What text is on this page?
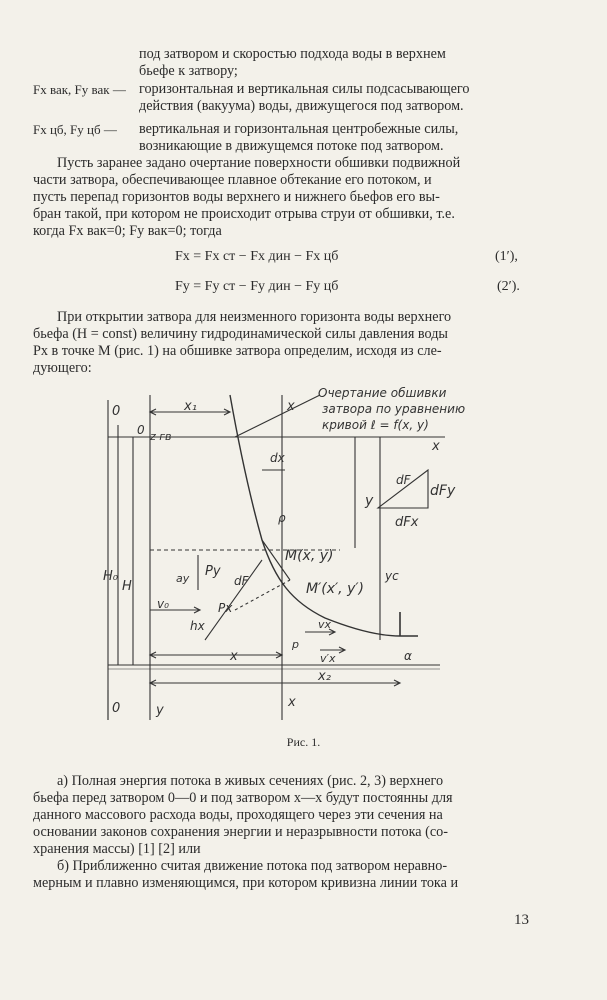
под затвором и скоростью подхода воды в верхнем
бьефе к затвору;
Fx вак, Fy вак — горизонтальная и вертикальная силы подсасывающего
действия (вакуума) воды, движущегося под затвором.
Fx цб, Fy цб — вертикальная и горизонтальная центробежные силы,
возникающие в движущемся потоке под затвором.
Пусть заранее задано очертание поверхности обшивки подвижной
части затвора, обеспечивающее плавное обтекание его потоком, и
пусть перепад горизонтов воды верхнего и нижнего бьефов его вы-
бран такой, при котором не происходит отрыва струи от обшивки, т.е.
когда Fx вак=0; Fy вак=0; тогда
Fx = Fx ст − Fx дин − Fx цб	(1′),
Fy = Fy ст − Fy дин − Fy цб	(2′).
При открытии затвора для неизменного горизонта воды верхнего
бьефа (H = const) величину гидродинамической силы давления воды
Px в точке M (рис. 1) на обшивке затвора определим, исходя из сле-
дующего:
Очертание обшивки
затвора по уравнению
кривой ℓ = f(x, y)
0
0 z гв
x₁	x
x
dx
y
ρ
H₀
H
ay Py
dF
dF
dFy
dFx
M(x, y)
M′(x′, y′)
v₀
hx
Pх
yc
vx
v′x
p
α
x
x₂
0	y
x
Рис. 1.
а) Полная энергия потока в живых сечениях (рис. 2, 3) верхнего
бьефа перед затвором 0—0 и под затвором x—x будут постоянны для
данного массового расхода воды, проходящего через эти сечения на
основании законов сохранения энергии и неразрывности потока (со-
хранения массы) [1] [2] или
б) Приближенно считая движение потока под затвором неравно-
мерным и плавно изменяющимся, при котором кривизна линии тока и
13
